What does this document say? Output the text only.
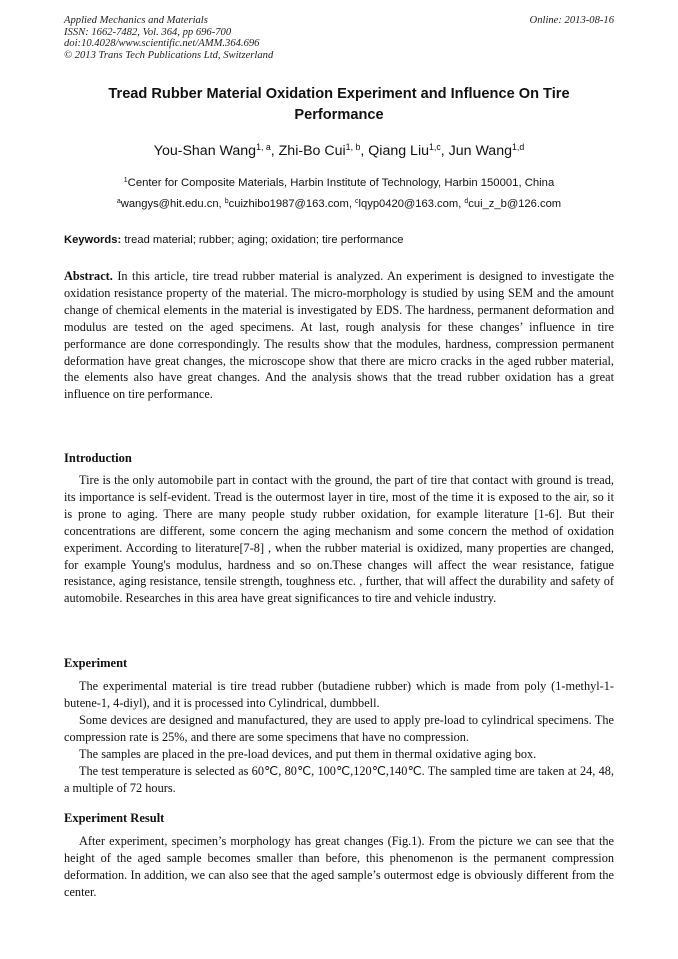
Applied Mechanics and Materials
ISSN: 1662-7482, Vol. 364, pp 696-700
doi:10.4028/www.scientific.net/AMM.364.696
© 2013 Trans Tech Publications Ltd, Switzerland
Online: 2013-08-16
Tread Rubber Material Oxidation Experiment and Influence On Tire
Performance
You-Shan Wang$^{1, a}$, Zhi-Bo Cui$^{1, b}$, Qiang Liu$^{1,c}$, Jun Wang$^{1,d}$
$^1$Center for Composite Materials, Harbin Institute of Technology, Harbin 150001, China
$^a$wangys@hit.edu.cn, $^b$cuizhibo1987@163.com, $^c$lqyp0420@163.com, $^d$cui_z_b@126.com
Keywords: tread material; rubber; aging; oxidation; tire performance

Abstract. In this article, tire tread rubber material is analyzed. An experiment is designed to investigate the oxidation resistance property of the material. The micro-morphology is studied by using SEM and the amount change of chemical elements in the material is investigated by EDS. The hardness, permanent deformation and modulus are tested on the aged specimens. At last, rough analysis for these changes’ influence in tire performance are done correspondingly. The results show that the modules, hardness, compression permanent deformation have great changes, the microscope show that there are micro cracks in the aged rubber material, the elements also have great changes. And the analysis shows that the tread rubber oxidation has a great influence on tire performance.

Introduction

Tire is the only automobile part in contact with the ground, the part of tire that contact with ground is tread, its importance is self-evident. Tread is the outermost layer in tire, most of the time it is exposed to the air, so it is prone to aging. There are many people study rubber oxidation, for example literature [1-6]. But their concentrations are different, some concern the aging mechanism and some concern the method of oxidation experiment. According to literature[7-8] , when the rubber material is oxidized, many properties are changed, for example Young's modulus, hardness and so on.These changes will affect the wear resistance, fatigue resistance, aging resistance, tensile strength, toughness etc. , further, that will affect the durability and safety of automobile. Researches in this area have great significances to tire and vehicle industry.

Experiment

The experimental material is tire tread rubber (butadiene rubber) which is made from poly (1-methyl-1- butene-1, 4-diyl), and it is processed into Cylindrical, dumbbell.

Some devices are designed and manufactured, they are used to apply pre-load to cylindrical specimens. The compression rate is 25%, and there are some specimens that have no compression.

The samples are placed in the pre-load devices, and put them in thermal oxidative aging box.

The test temperature is selected as 60℃, 80℃, 100℃,120℃,140℃. The sampled time are taken at 24, 48, a multiple of 72 hours.

Experiment Result

After experiment, specimen’s morphology has great changes (Fig.1). From the picture we can see that the height of the aged sample becomes smaller than before, this phenomenon is the permanent compression deformation. In addition, we can also see that the aged sample’s outermost edge is obviously different from the center.
